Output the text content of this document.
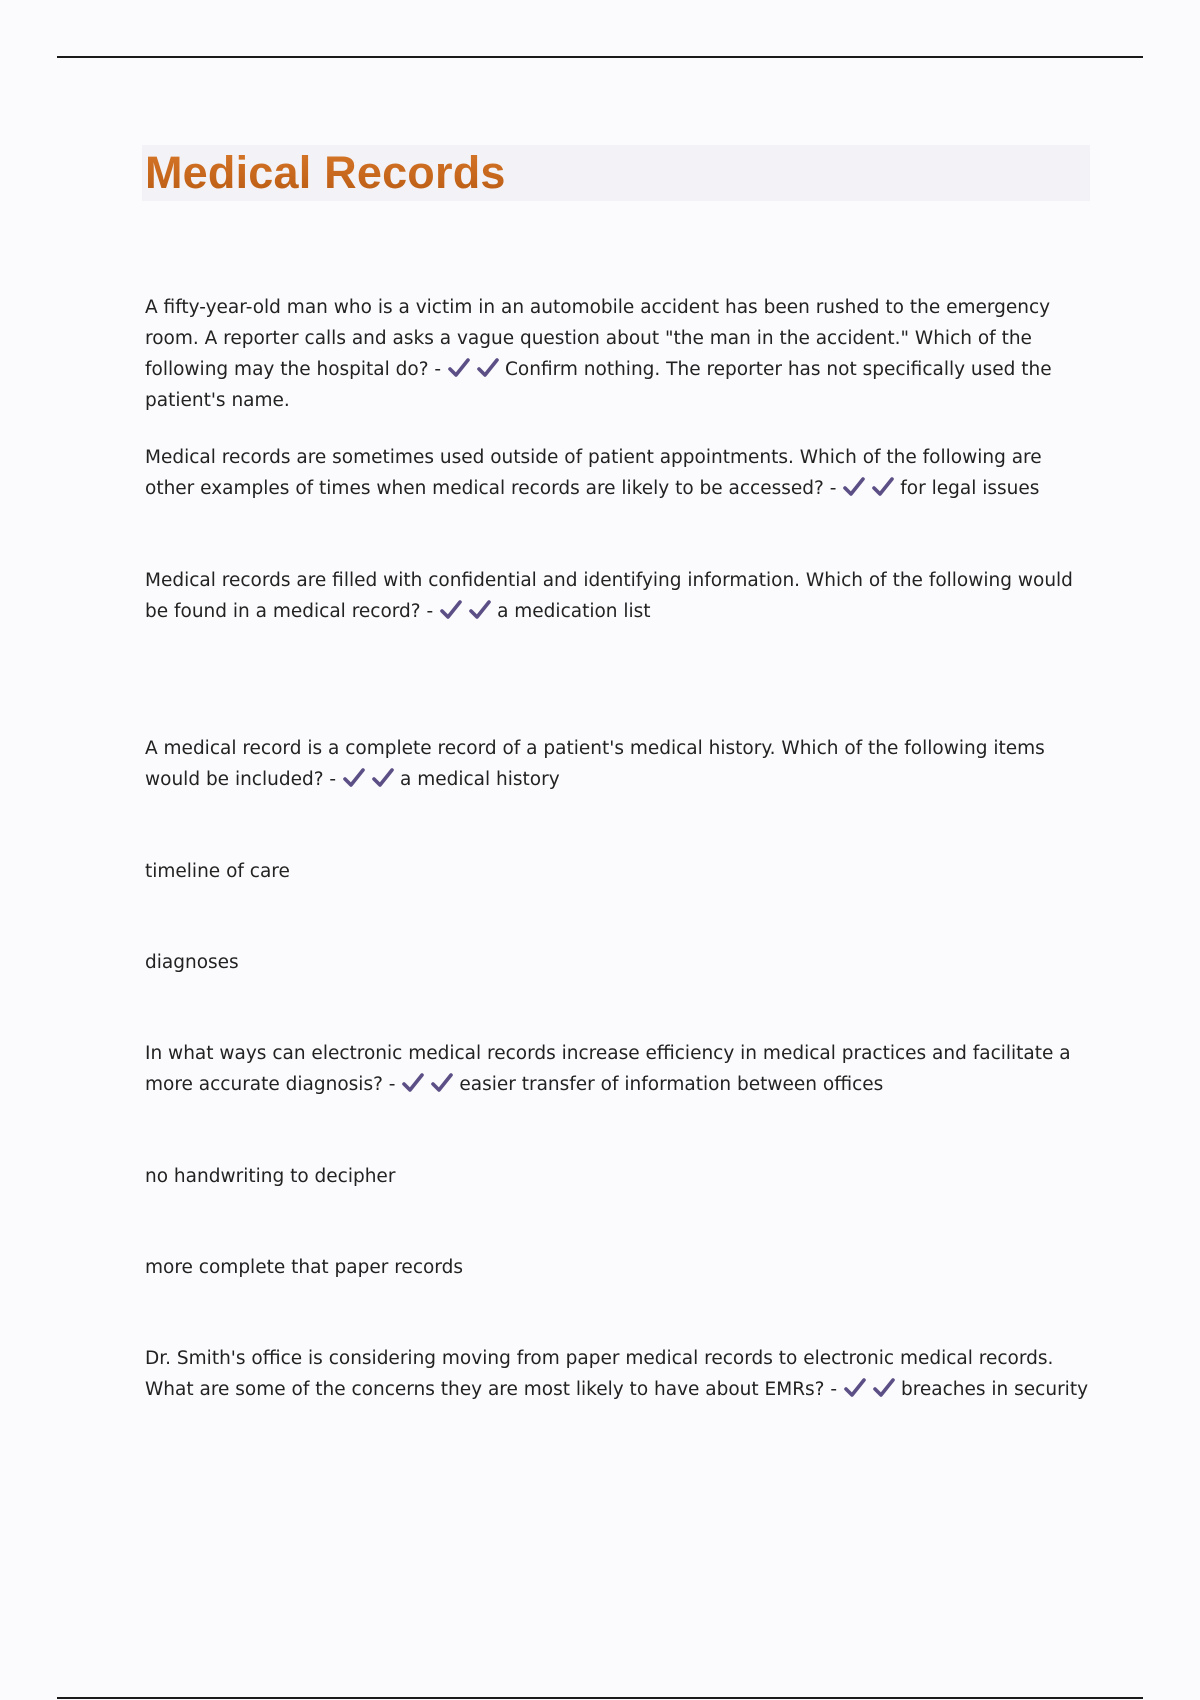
Medical Records

A fifty-year-old man who is a victim in an automobile accident has been rushed to the emergency room. A reporter calls and asks a vague question about "the man in the accident." Which of the following may the hospital do? -	Confirm nothing. The reporter has not specifically used the patient's name.

Medical records are sometimes used outside of patient appointments. Which of the following are other examples of times when medical records are likely to be accessed? -	for legal issues

Medical records are filled with confidential and identifying information. Which of the following would be found in a medical record? -	a medication list

A medical record is a complete record of a patient's medical history. Which of the following items would be included? -	a medical history

timeline of care

diagnoses

In what ways can electronic medical records increase efficiency in medical practices and facilitate a more accurate diagnosis? -	easier transfer of information between offices

no handwriting to decipher

more complete that paper records

Dr. Smith's office is considering moving from paper medical records to electronic medical records. What are some of the concerns they are most likely to have about EMRs? -	breaches in security
